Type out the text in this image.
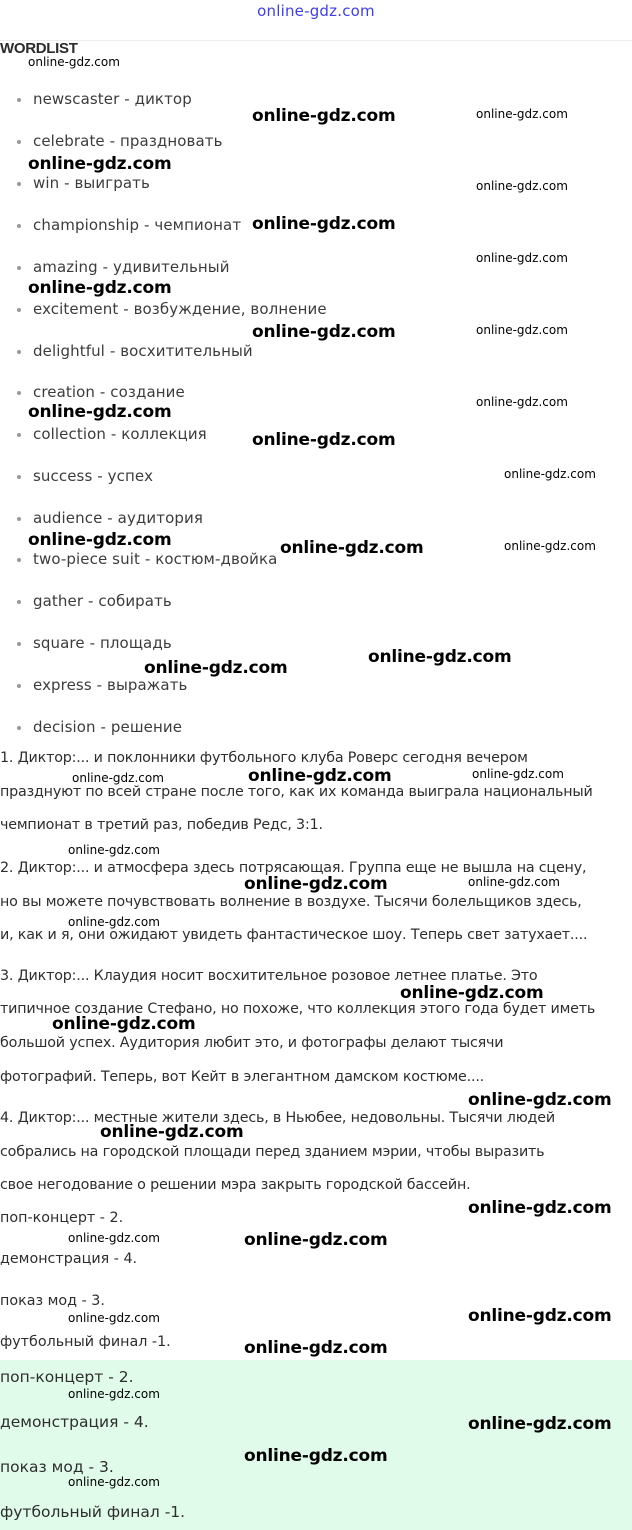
online-gdz.com
WORDLIST
newscaster - диктор
celebrate - праздновать
win - выиграть
championship - чемпионат
amazing - удивительный
excitement - возбуждение, волнение
delightful - восхитительный
creation - создание
collection - коллекция
success - успех
audience - аудитория
two-piece suit - костюм-двойка
gather - собирать
square - площадь
express - выражать
decision - решение
1. Диктор:... и поклонники футбольного клуба Роверс сегодня вечером
празднуют по всей стране после того, как их команда выиграла национальный
чемпионат в третий раз, победив Редс, 3:1.
2. Диктор:... и атмосфера здесь потрясающая. Группа еще не вышла на сцену,
но вы можете почувствовать волнение в воздухе. Тысячи болельщиков здесь,
и, как и я, они ожидают увидеть фантастическое шоу. Теперь свет затухает....
3. Диктор:... Клаудия носит восхитительное розовое летнее платье. Это
типичное создание Стефано, но похоже, что коллекция этого года будет иметь
большой успех. Аудитория любит это, и фотографы делают тысячи
фотографий. Теперь, вот Кейт в элегантном дамском костюме....
4. Диктор:... местные жители здесь, в Ньюбее, недовольны. Тысячи людей
собрались на городской площади перед зданием мэрии, чтобы выразить
свое негодование о решении мэра закрыть городской бассейн.
поп-концерт - 2.
демонстрация - 4.
показ мод - 3.
футбольный финал -1.
поп-концерт - 2.
демонстрация - 4.
показ мод - 3.
футбольный финал -1.
online-gdz.com
online-gdz.com	online-gdz.com
online-gdz.com
online-gdz.com
online-gdz.com
online-gdz.com
online-gdz.com
online-gdz.com	online-gdz.com
online-gdz.com
online-gdz.com
online-gdz.com
online-gdz.com
online-gdz.com	online-gdz.com
online-gdz.com
online-gdz.com
online-gdz.com
online-gdz.com
online-gdz.com
online-gdz.com
online-gdz.com
online-gdz.com
online-gdz.com
online-gdz.com
online-gdz.com
online-gdz.com
online-gdz.com
online-gdz.com
online-gdz.com
online-gdz.com
online-gdz.com
online-gdz.com
online-gdz.com
online-gdz.com
online-gdz.com
online-gdz.com
online-gdz.com
online-gdz.com
